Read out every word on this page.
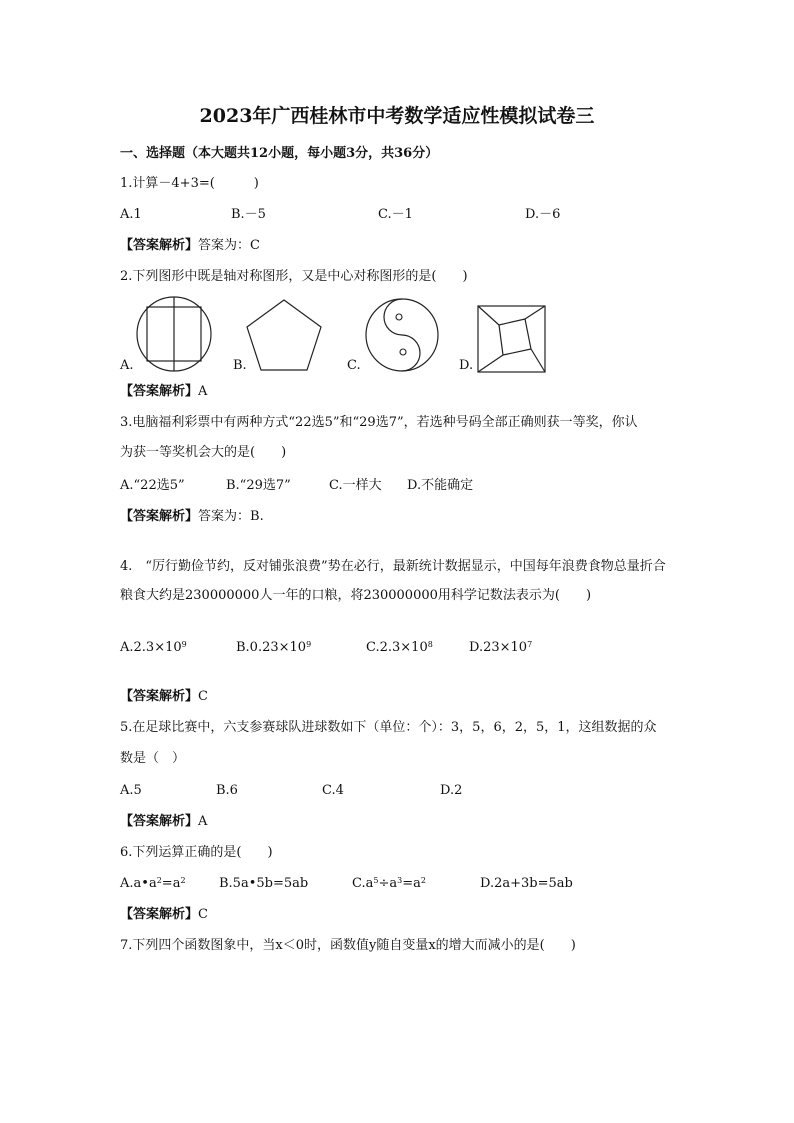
2023年广西桂林市中考数学适应性模拟试卷三
一、选择题（本大题共12小题，每小题3分，共36分）
1.计算－4+3=(　　　)
A.1	B.－5	C.－1	D.－6
【答案解析】答案为：C
2.下列图形中既是轴对称图形，又是中心对称图形的是(　　)
A.	B.	C.	D.
【答案解析】A
3.电脑福利彩票中有两种方式“22选5”和“29选7”，若选种号码全部正确则获一等奖，你认
为获一等奖机会大的是(　　)
A.“22选5”	B.“29选7”	C.一样大 D.不能确定
【答案解析】答案为：B.
4.　“厉行勤俭节约，反对铺张浪费”势在必行，最新统计数据显示，中国每年浪费食物总量折合
粮食大约是230000000人一年的口粮，将230000000用科学记数法表示为(　　)
$A.2.3\times 10^9$	$B.0.23\times 10^9$	$C.2.3\times 10^8$	$D.23\times 10^7$
【答案解析】C
5.在足球比赛中，六支参赛球队进球数如下（单位：个）：3，5，6，2，5，1，这组数据的众
数是（　）
A.5	B.6	C.4	D.2
【答案解析】A
6.下列运算正确的是(　　)
$A.a•a^2=a^2$	B.5a•5b=5ab	$C.a^5\div a^3=a^2$	D.2a+3b=5ab
【答案解析】C
7.下列四个函数图象中，当x＜0时，函数值y随自变量x的增大而减小的是(　　)
